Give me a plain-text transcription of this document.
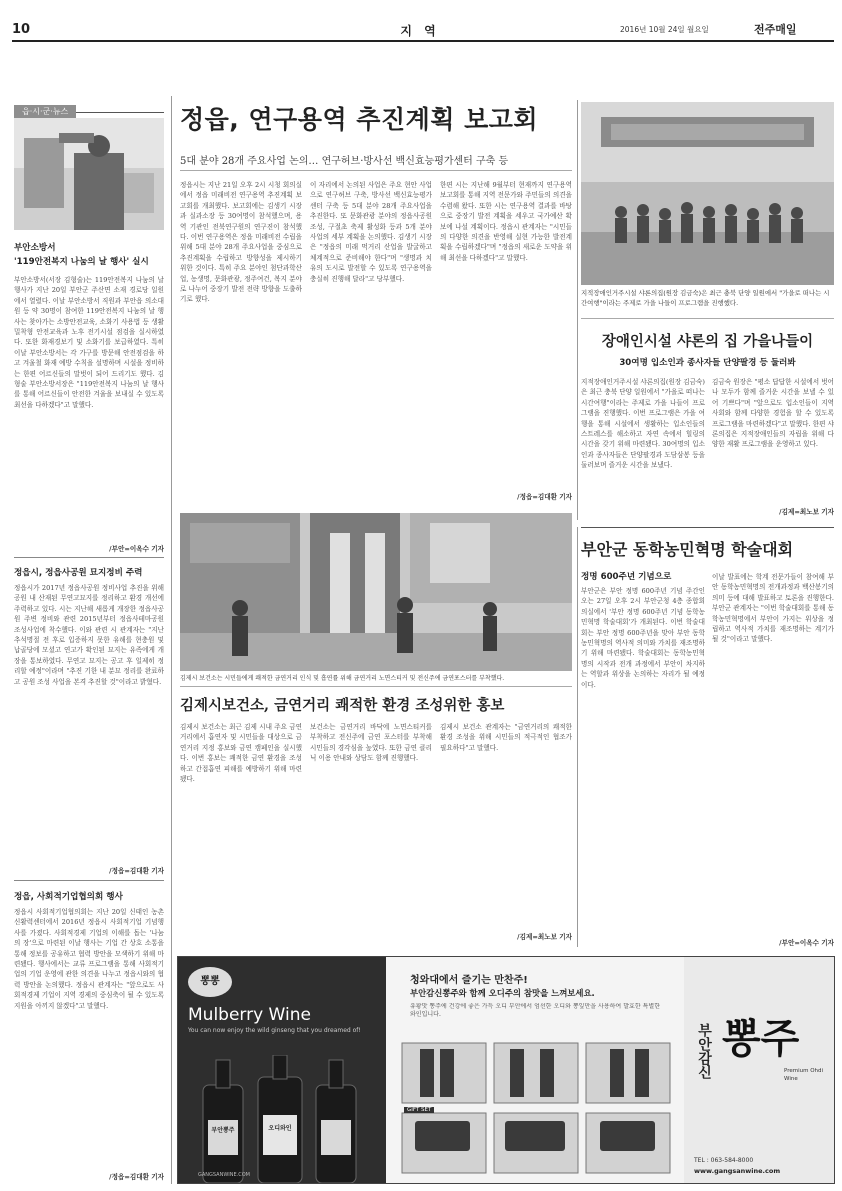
10	지 역	2016년 10월 24일 월요일	전주매일
읍·시·군·뉴스
부안소방서
'119안전복지 나눔의 날 행사' 실시
부안소방서(서장 김형술)는 119안전복지 나눔의 날 행사가 지난 20일 부안군 주산면 소재 경로당 일원에서 열렸다. 이날 부안소방서 직원과 부안읍 의소대원 등 약 30명이 참여한 119안전복지 나눔의 날 행사는 찾아가는 소방안전교육, 소화기 사용법 등 생활밀착형 안전교육과 노후 전기시설 점검을 실시하였다. 또한 화재경보기 및 소화기를 보급하였다. 특히 이날 부안소방서는 각 가구를 방문해 안전점검을 하고 겨울철 화재 예방 수칙을 설명하며 시설을 정비하는 한편 어르신들의 말벗이 되어 드리기도 했다. 김형술 부안소방서장은 "119안전복지 나눔의 날 행사를 통해 어르신들이 안전한 겨울을 보내실 수 있도록 최선을 다하겠다"고 말했다.
/부안=이옥수 기자
정읍시, 정읍사공원 묘지정비 주력
정읍시가 2017년 정읍사공원 정비사업 추진을 위해 공원 내 산재된 무연고묘지를 정리하고 환경 개선에 주력하고 있다. 시는 지난해 새롭게 개장한 정읍사공원 주변 정비와 관련 2015년부터 정읍사테마공원 조성사업에 착수했다. 이와 관련 시 관계자는 "지난 추석명절 전 후로 입증하지 못한 유해를 현충원 및 납골당에 모셨고 연고가 확인된 묘지는 유족에게 개장을 통보하였다. 무연고 묘지는 공고 후 일제히 정리할 예정"이라며 "추진 기한 내 분묘 정리를 완료하고 공원 조성 사업을 본격 추진할 것"이라고 밝혔다.
/정읍=김대환 기자
정읍, 사회적기업협의회 행사
정읍시 사회적기업협의회는 지난 20일 신태인 농촌신활력센터에서 2016년 정읍시 사회적기업 기념행사를 가졌다. 사회적경제 기업의 이해를 돕는 '나눔의 장'으로 마련된 이날 행사는 기업 간 상호 소통을 통해 정보를 공유하고 협력 방안을 모색하기 위해 마련됐다. 행사에서는 교류 프로그램을 통해 사회적기업의 기업 운영에 관한 의견을 나누고 정읍시와의 협력 방안을 논의했다. 정읍시 관계자는 "앞으로도 사회적경제 기업이 지역 경제의 중심축이 될 수 있도록 지원을 아끼지 않겠다"고 말했다.
/정읍=김대환 기자
정읍, 연구용역 추진계획 보고회
5대 분야 28개 주요사업 논의… 연구허브·방사선 백신효능평가센터 구축 등
정읍시는 지난 21일 오후 2시 시청 회의실에서 정읍 미래비전 연구용역 추진계획 보고회를 개최했다. 보고회에는 김생기 시장과 실과소장 등 30여명이 참석했으며, 용역 기관인 전북연구원의 연구진이 참석했다. 이번 연구용역은 정읍 미래비전 수립을 위해 5대 분야 28개 주요사업을 중심으로 추진계획을 수립하고 방향성을 제시하기 위한 것이다. 특히 주요 분야인 첨단과학산업, 농생명, 문화관광, 정주여건, 복지 분야로 나누어 중장기 발전 전략 방향을 도출하기로 했다.
이 자리에서 논의된 사업은 주요 현안 사업으로 연구허브 구축, 방사선 백신효능평가센터 구축 등 5대 분야 28개 주요사업을 추진한다. 또 문화관광 분야의 정읍사공원 조성, 구절초 축제 활성화 등과 5개 분야 사업의 세부 계획을 논의했다. 김생기 시장은 "정읍의 미래 먹거리 산업을 발굴하고 체계적으로 준비해야 한다"며 "생명과 치유의 도시로 발전할 수 있도록 연구용역을 충실히 진행해 달라"고 당부했다.
한편 시는 지난해 9월부터 현재까지 연구용역 보고회를 통해 지역 전문가와 주민들의 의견을 수렴해 왔다. 또한 시는 연구용역 결과를 바탕으로 중장기 발전 계획을 세우고 국가예산 확보에 나설 계획이다. 정읍시 관계자는 "시민들의 다양한 의견을 반영해 실현 가능한 발전계획을 수립하겠다"며 "정읍의 새로운 도약을 위해 최선을 다하겠다"고 말했다.
/정읍=김대환 기자
지적장애인거주시설 샤론의집(원장 김금숙)은 최근 충북 단양 일원에서 "가을로 떠나는 시간여행"이라는 주제로 가을 나들이 프로그램을 진행했다.
장애인시설 샤론의 집 가을나들이
30여명 입소인과 종사자들 단양팔경 등 둘러봐
지적장애인거주시설 샤론의집(원장 김금숙)은 최근 충북 단양 일원에서 "가을로 떠나는 시간여행"이라는 주제로 가을 나들이 프로그램을 진행했다. 이번 프로그램은 가을 여행을 통해 시설에서 생활하는 입소인들의 스트레스를 해소하고 자연 속에서 힐링의 시간을 갖기 위해 마련됐다. 30여명의 입소인과 종사자들은 단양팔경과 도담삼봉 등을 둘러보며 즐거운 시간을 보냈다.
김금숙 원장은 "평소 답답한 시설에서 벗어나 모두가 함께 즐거운 시간을 보낼 수 있어 기쁘다"며 "앞으로도 입소인들이 지역사회와 함께 다양한 경험을 할 수 있도록 프로그램을 마련하겠다"고 말했다. 한편 샤론의집은 지적장애인들의 자립을 위해 다양한 재활 프로그램을 운영하고 있다.
/김제=최노보 기자
김제시 보건소는 시민들에게 쾌적한 금연거리 인식 및 흡연률 위해 금연거리 노면스티커 및 전신주에 금연포스터를 부착했다.
김제시보건소, 금연거리 쾌적한 환경 조성위한 홍보
김제시 보건소는 최근 김제 시내 주요 금연거리에서 흡연자 및 시민들을 대상으로 금연거리 지정 홍보와 금연 캠페인을 실시했다. 이번 홍보는 쾌적한 금연 환경을 조성하고 간접흡연 피해를 예방하기 위해 마련됐다.
보건소는 금연거리 바닥에 노면스티커를 부착하고 전신주에 금연 포스터를 부착해 시민들의 경각심을 높였다. 또한 금연 클리닉 이용 안내와 상담도 함께 진행했다.
김제시 보건소 관계자는 "금연거리의 쾌적한 환경 조성을 위해 시민들의 적극적인 협조가 필요하다"고 말했다.
/김제=최노보 기자
부안군 동학농민혁명 학술대회
정명 600주년 기념으로
부안군은 부안 정명 600주년 기념 주간인 오는 27일 오후 2시 부안군청 4층 종합회의실에서 '부안 정명 600주년 기념 동학농민혁명 학술대회'가 개최된다. 이번 학술대회는 부안 정명 600주년을 맞아 부안 동학농민혁명의 역사적 의미와 가치를 재조명하기 위해 마련됐다. 학술대회는 동학농민혁명의 시작과 전개 과정에서 부안이 차지하는 역할과 위상을 논의하는 자리가 될 예정이다.
이날 발표에는 학계 전문가들이 참여해 부안 동학농민혁명의 전개과정과 백산봉기의 의미 등에 대해 발표하고 토론을 진행한다. 부안군 관계자는 "이번 학술대회를 통해 동학농민혁명에서 부안이 가지는 위상을 정립하고 역사적 가치를 재조명하는 계기가 될 것"이라고 말했다.
/부안=이옥수 기자
뽕뽕
Mulberry Wine
You can now enjoy the wild ginseng that you dreamed of!
부안뽕주	오디와인
청와대에서 즐기는 만찬주!
부안감신뽕주와 함께 오디주의 참맛을 느껴보세요.
유황맛 뽕주에 건강에 좋은 가득 오디 부안에서 엄선한 오디와 뽕잎만을 사용하여 발효한 특별한 와인입니다.
GIFT SET
부안감신 뽕주
Premium Ohdi Wine
TEL : 063-584-8000
www.gangsanwine.com
GANGSANWINE.COM
